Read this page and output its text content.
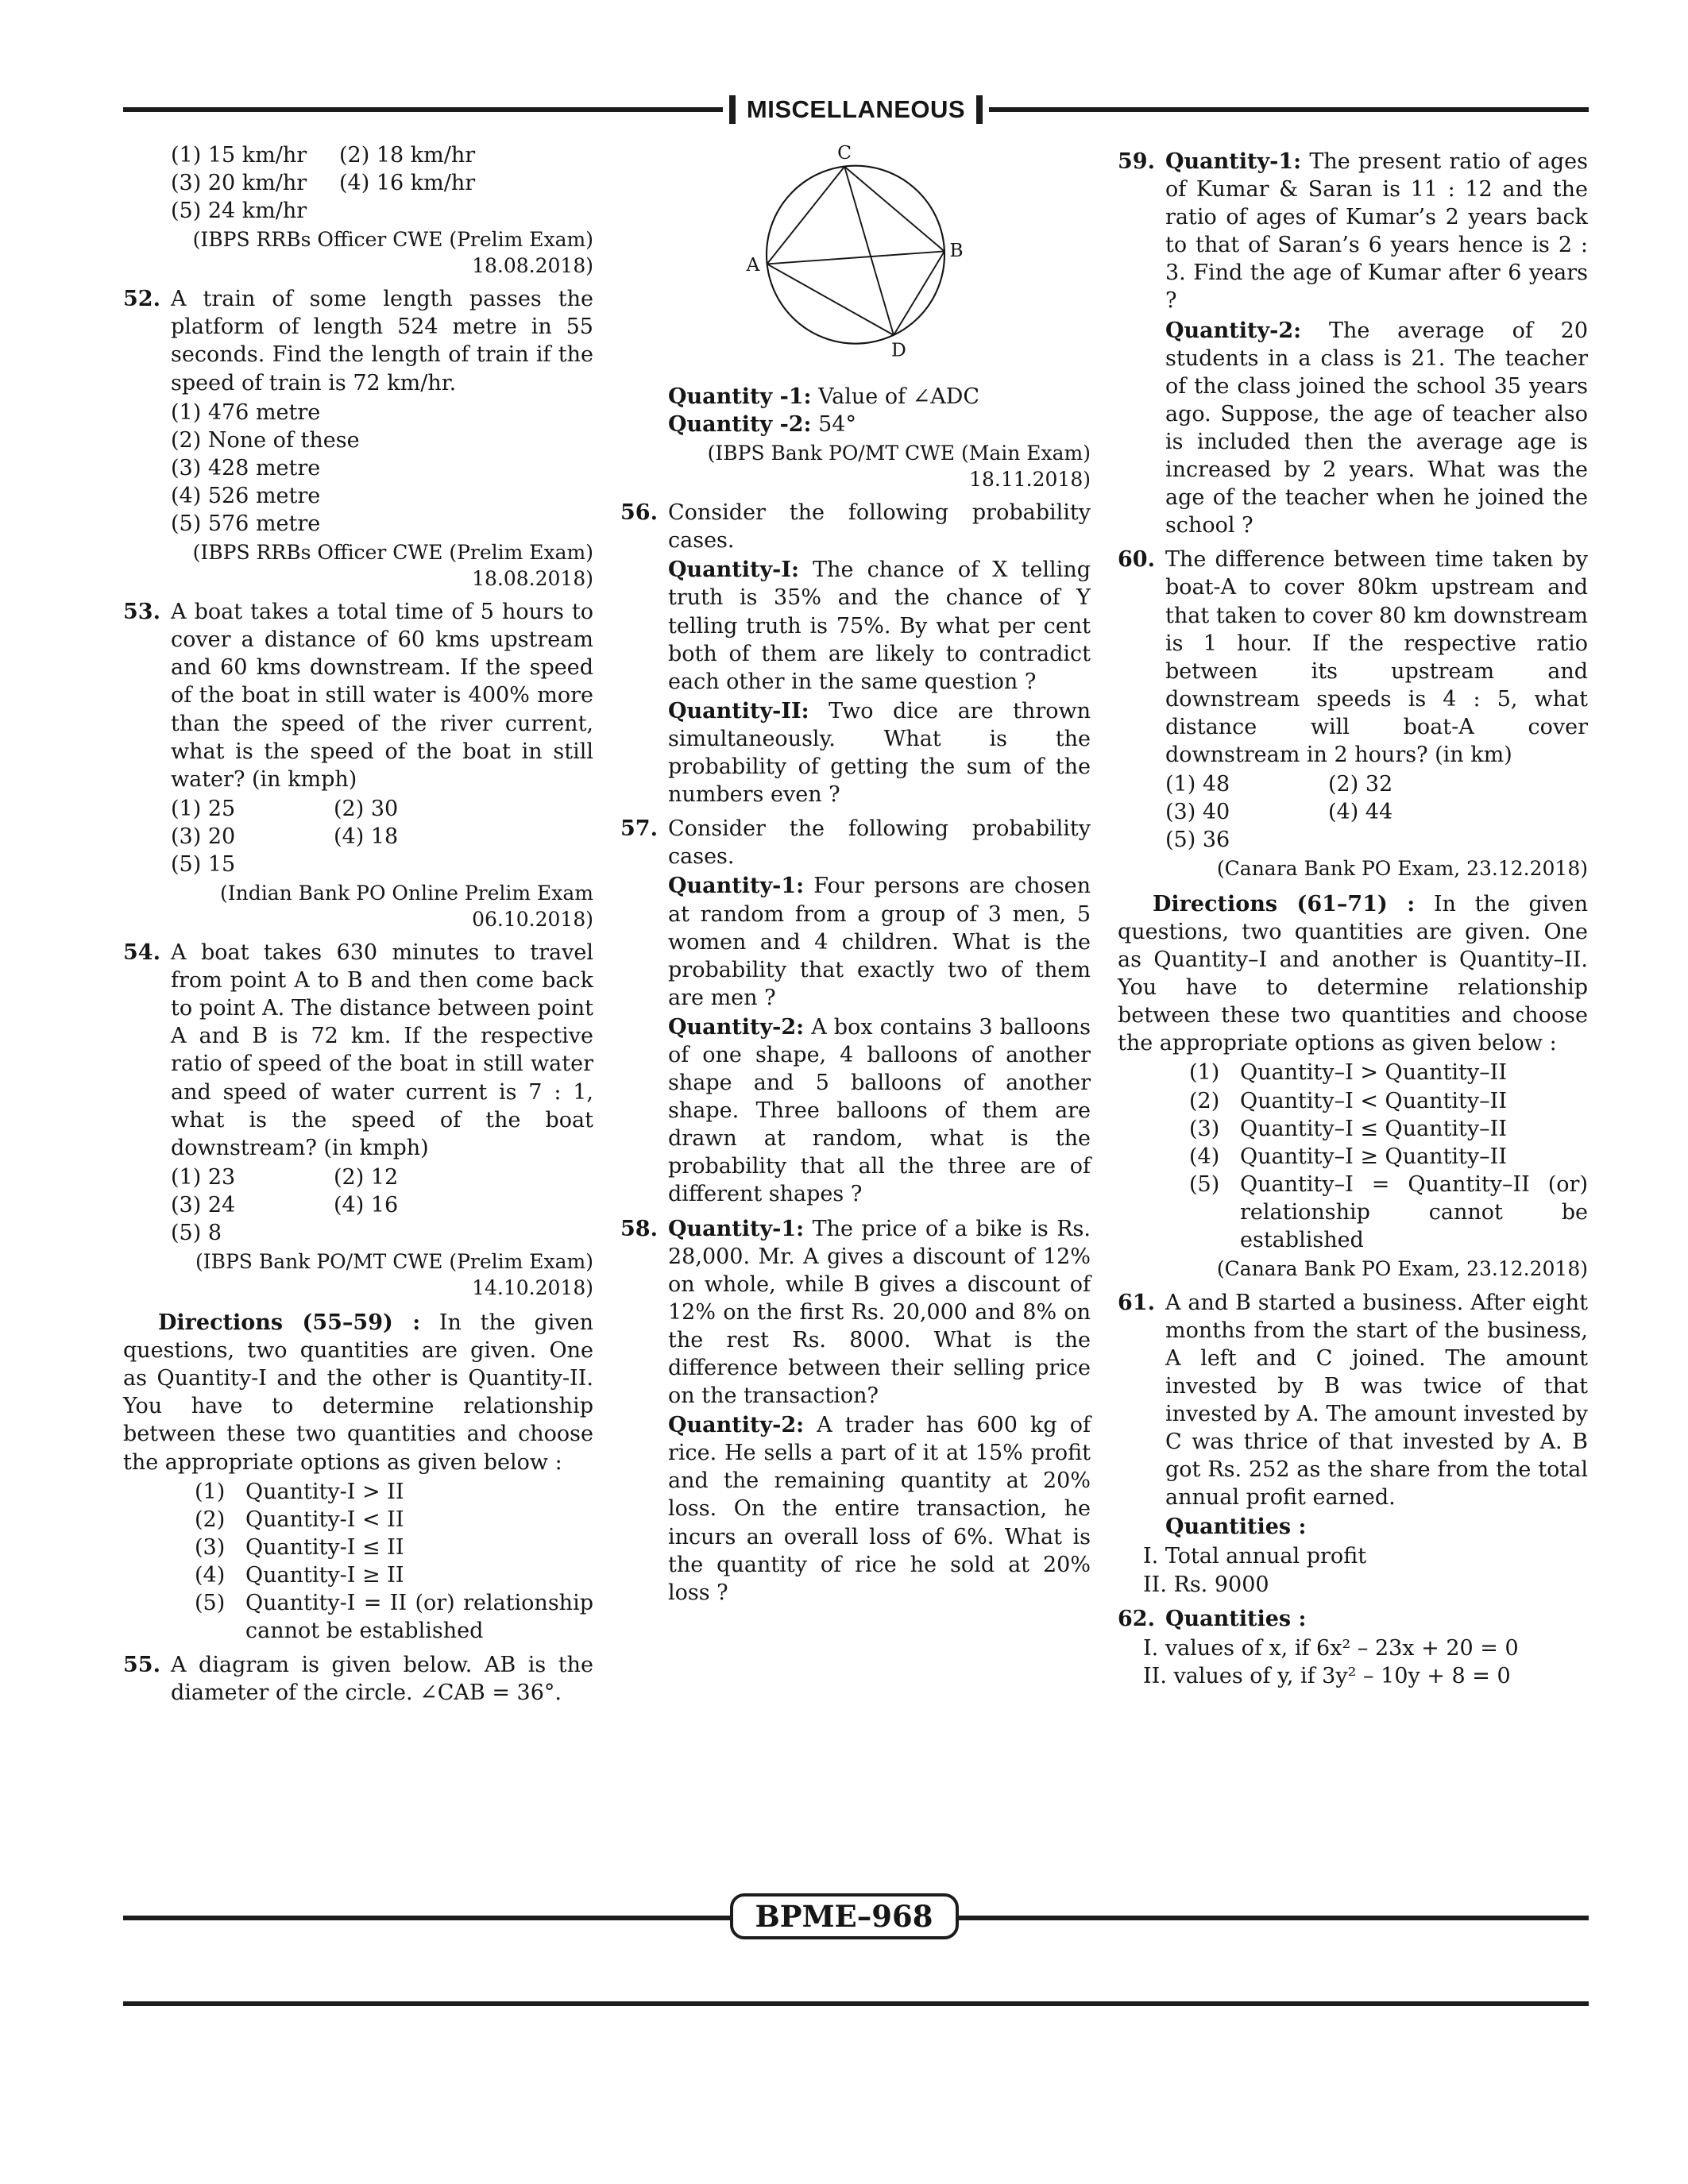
MISCELLANEOUS
(1) 15 km/hr	(2) 18 km/hr
(3) 20 km/hr	(4) 16 km/hr
(5) 24 km/hr
(IBPS RRBs Officer CWE (Prelim Exam)
18.08.2018)
52. A train of some length passes the platform of length 524 metre in 55 seconds. Find the length of train if the speed of train is 72 km/hr.

(1) 476 metre
(2) None of these
(3) 428 metre
(4) 526 metre
(5) 576 metre
(IBPS RRBs Officer CWE (Prelim Exam)
18.08.2018)
53. A boat takes a total time of 5 hours to cover a distance of 60 kms upstream and 60 kms downstream. If the speed of the boat in still water is 400% more than the speed of the river current, what is the speed of the boat in still water? (in kmph)

(1) 25	(2) 30
(3) 20	(4) 18
(5) 15
(Indian Bank PO Online Prelim Exam
06.10.2018)
54. A boat takes 630 minutes to travel from point A to B and then come back to point A. The distance between point A and B is 72 km. If the respective ratio of speed of the boat in still water and speed of water current is 7 : 1, what is the speed of the boat downstream? (in kmph)

(1) 23	(2) 12
(3) 24	(4) 16
(5) 8
(IBPS Bank PO/MT CWE (Prelim Exam)
14.10.2018)

Directions (55–59) : In the given questions, two quantities are given. One as Quantity-I and the other is Quantity-II. You have to determine relationship between these two quantities and choose the appropriate options as given below :

(1) Quantity-I > II
(2) Quantity-I < II
(3) Quantity-I ≤ II
(4) Quantity-I ≥ II
(5) Quantity-I = II (or) relationship cannot be established
55. A diagram is given below. AB is the diameter of the circle. ∠CAB = 36°.

C
A
B
D

Quantity -1: Value of ∠ADC

Quantity -2: 54°

(IBPS Bank PO/MT CWE (Main Exam)
18.11.2018)
56. Consider the following probability cases.

Quantity-I: The chance of X telling truth is 35% and the chance of Y telling truth is 75%. By what per cent both of them are likely to contradict each other in the same question ?

Quantity-II: Two dice are thrown simultaneously. What is the probability of getting the sum of the numbers even ?

57. Consider the following probability cases.

Quantity-1: Four persons are chosen at random from a group of 3 men, 5 women and 4 children. What is the probability that exactly two of them are men ?

Quantity-2: A box contains 3 balloons of one shape, 4 balloons of another shape and 5 balloons of another shape. Three balloons of them are drawn at random, what is the probability that all the three are of different shapes ?

58. Quantity-1: The price of a bike is Rs. 28,000. Mr. A gives a discount of 12% on whole, while B gives a discount of 12% on the first Rs. 20,000 and 8% on the rest Rs. 8000. What is the difference between their selling price on the transaction?

Quantity-2: A trader has 600 kg of rice. He sells a part of it at 15% profit and the remaining quantity at 20% loss. On the entire transaction, he incurs an overall loss of 6%. What is the quantity of rice he sold at 20% loss ?

59. Quantity-1: The present ratio of ages of Kumar & Saran is 11 : 12 and the ratio of ages of Kumar’s 2 years back to that of Saran’s 6 years hence is 2 : 3. Find the age of Kumar after 6 years ?

Quantity-2: The average of 20 students in a class is 21. The teacher of the class joined the school 35 years ago. Suppose, the age of teacher also is included then the average age is increased by 2 years. What was the age of the teacher when he joined the school ?

60. The difference between time taken by boat-A to cover 80km upstream and that taken to cover 80 km downstream is 1 hour. If the respective ratio between its upstream and downstream speeds is 4 : 5, what distance will boat-A cover downstream in 2 hours? (in km)

(1) 48	(2) 32
(3) 40	(4) 44
(5) 36
(Canara Bank PO Exam, 23.12.2018)

Directions (61–71) : In the given questions, two quantities are given. One as Quantity–I and another is Quantity–II. You have to determine relationship between these two quantities and choose the appropriate options as given below :

(1) Quantity–I > Quantity–II
(2) Quantity–I < Quantity–II
(3) Quantity–I ≤ Quantity–II
(4) Quantity–I ≥ Quantity–II
(5) Quantity–I = Quantity–II (or) relationship cannot be established
(Canara Bank PO Exam, 23.12.2018)
61. A and B started a business. After eight months from the start of the business, A left and C joined. The amount invested by B was twice of that invested by A. The amount invested by C was thrice of that invested by A. B got Rs. 252 as the share from the total annual profit earned.

Quantities :

I. Total annual profit
II. Rs. 9000
62. Quantities :

I. values of x, if 6x² – 23x + 20 = 0
II. values of y, if 3y² – 10y + 8 = 0
BPME–968
